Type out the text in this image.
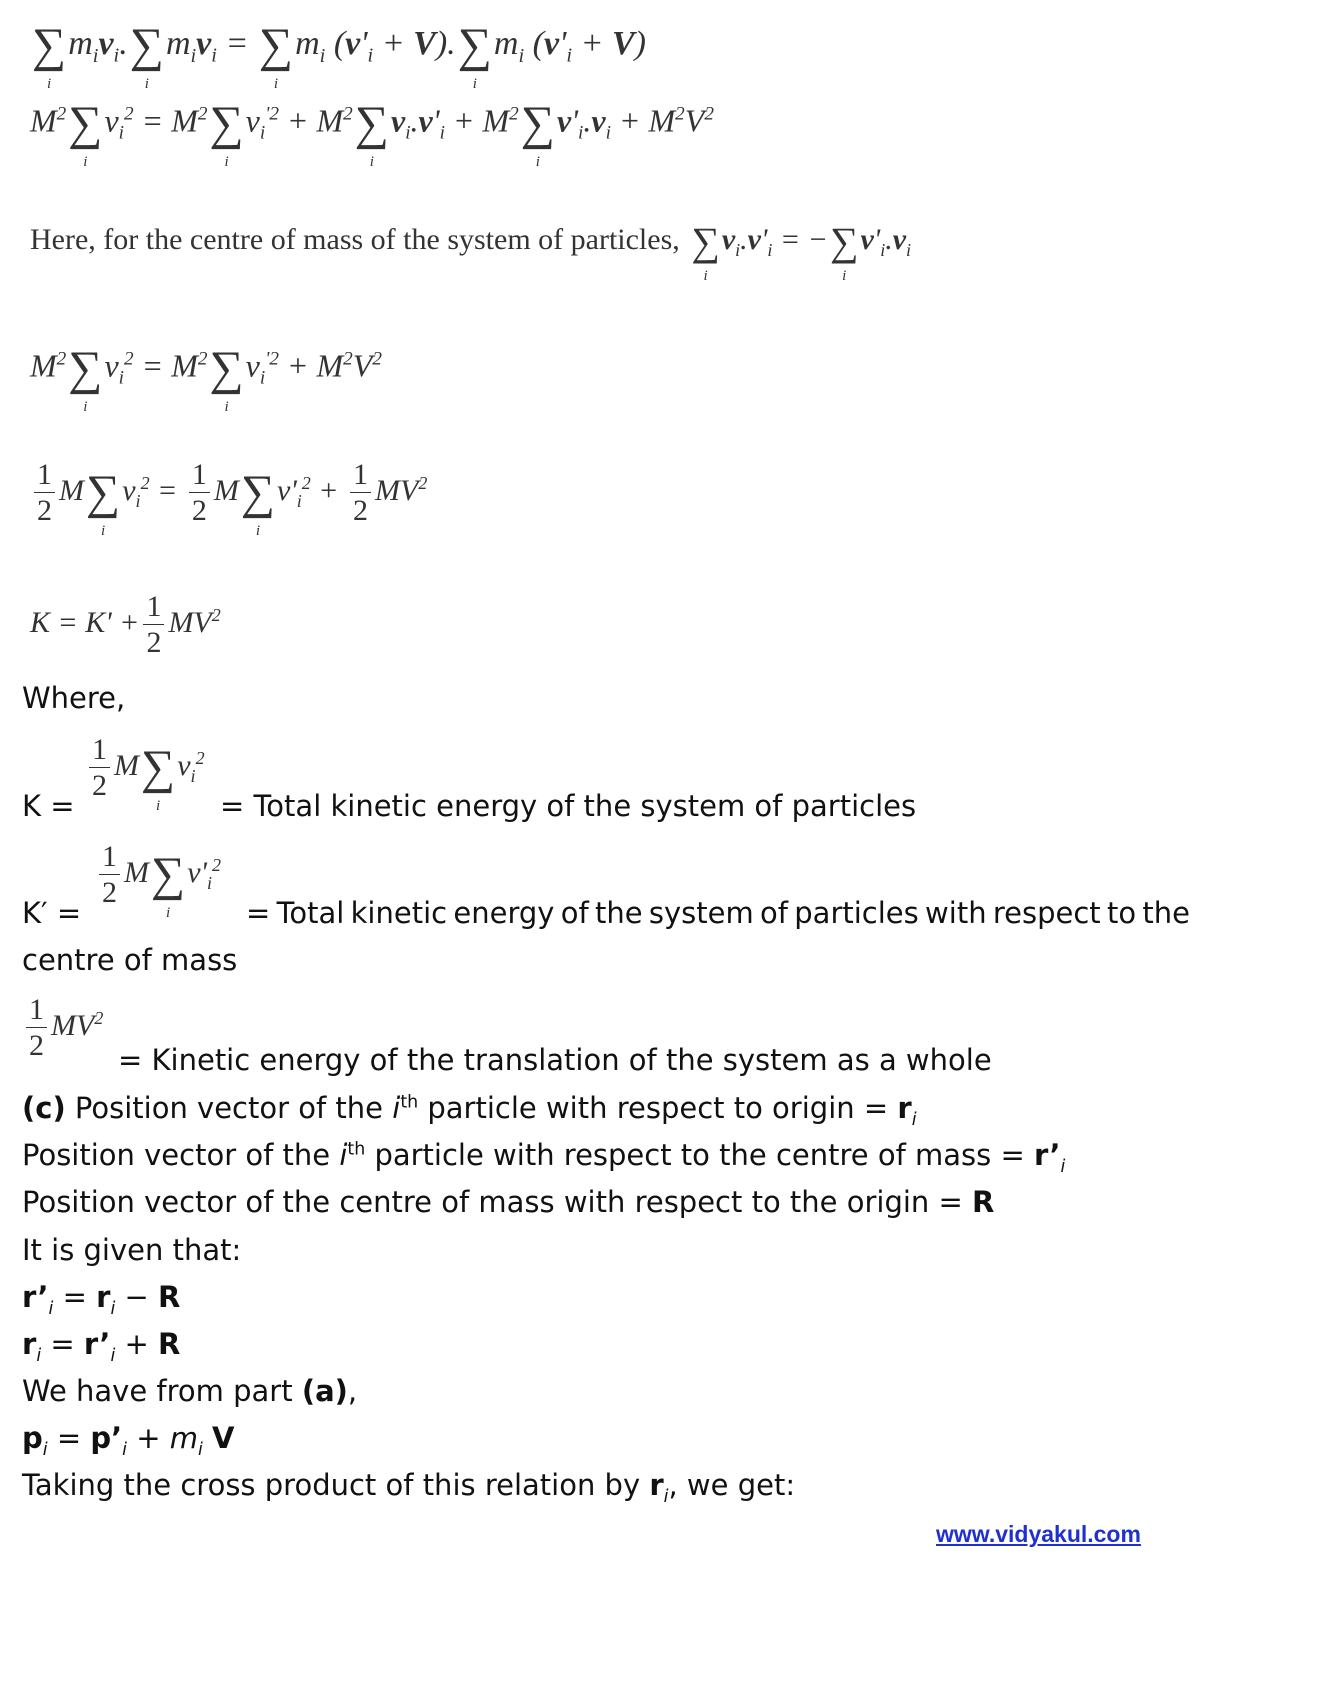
∑
i
$m_iv_i.\sum$
i
$m_iv_i$ = ∑
i
$m_i$ $(v'_i + V).\sum$
i
$m_i$ $(v'_i + V)$
$M^2\sum$
i
$v_i^2 = M^2\sum$
i
$v_i^{'2} + M^2\sum$
i
$v_i.v'_i + M^2\sum$
i
$v'_i.v_i + M^2V^2$
Here, for the centre of mass of the system of particles, ∑
i
$v_i.v'_i$ = −∑
i
$v'_i.v_i$
$M^2\sum$
i
$v_i^2 = M^2\sum$
i
$v_i^{'2} + M^2V^2$
$\frac{1}{2} M\sum$
i
$v_i^2 = \frac{1}{2} M\sum$
i
$v'_i^2 + \frac{1}{2} MV^2$
$K = K' + \frac{1}{2} MV^2$
Where,
$\frac{1}{2} M\sum$
i
$v_i^2$
K =	= Total kinetic energy of the system of particles
$\frac{1}{2} M\sum$
i
$v'_i^2$
K′ =	= Total kinetic energy of the system of particles with respect to the
centre of mass
$\frac{1}{2} MV^2$
= Kinetic energy of the translation of the system as a whole
(c) Position vector of the $i^{th}$ particle with respect to origin = $r_i$
Position vector of the $i^{th}$ particle with respect to the centre of mass = $r’_i$
Position vector of the centre of mass with respect to the origin = R
It is given that:
$r’_i = r_i - R$
$r_i$ = $r’_i + R$
We have from part (a),
$p_i$ = $p’_i + m_i$ V
Taking the cross product of this relation by $r_i$, we get:
www.vidyakul.com
